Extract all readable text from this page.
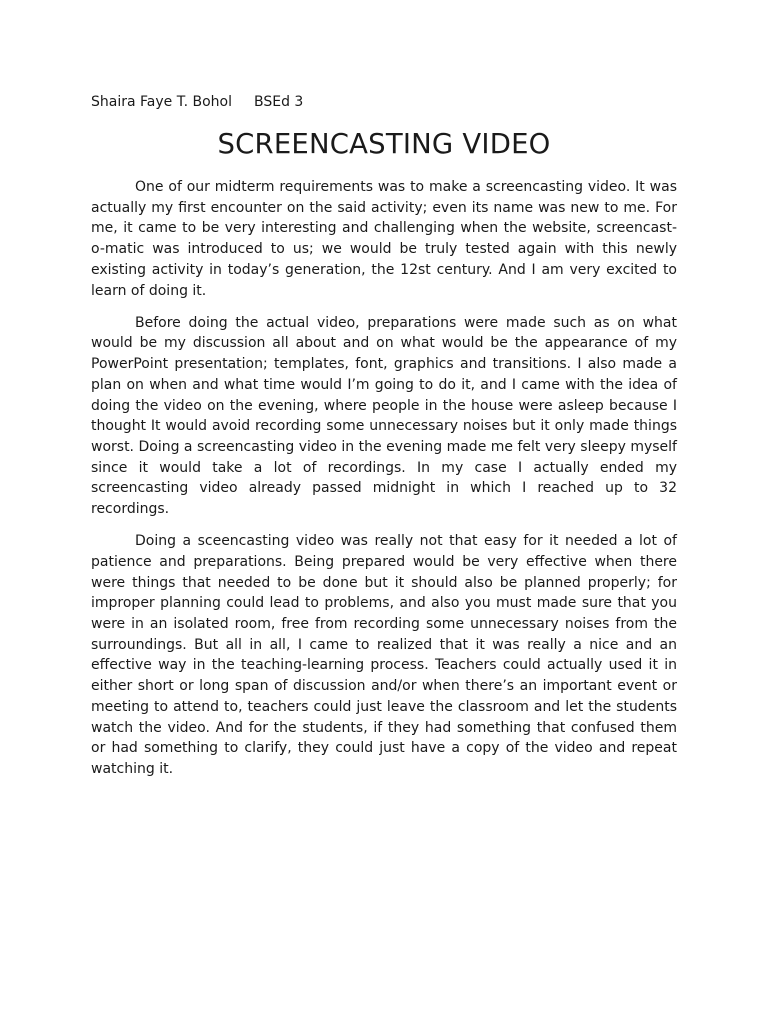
Shaira Faye T. Bohol BSEd 3
SCREENCASTING VIDEO

One of our midterm requirements was to make a screencasting video. It was actually my first encounter on the said activity; even its name was new to me. For me, it came to be very interesting and challenging when the website, screencast-o-matic was introduced to us; we would be truly tested again with this newly existing activity in today’s generation, the 12st century. And I am very excited to learn of doing it.

Before doing the actual video, preparations were made such as on what would be my discussion all about and on what would be the appearance of my PowerPoint presentation; templates, font, graphics and transitions. I also made a plan on when and what time would I’m going to do it, and I came with the idea of doing the video on the evening, where people in the house were asleep because I thought It would avoid recording some unnecessary noises but it only made things worst. Doing a screencasting video in the evening made me felt very sleepy myself since it would take a lot of recordings. In my case I actually ended my screencasting video already passed midnight in which I reached up to 32 recordings.

Doing a sceencasting video was really not that easy for it needed a lot of patience and preparations. Being prepared would be very effective when there were things that needed to be done but it should also be planned properly; for improper planning could lead to problems, and also you must made sure that you were in an isolated room, free from recording some unnecessary noises from the surroundings. But all in all, I came to realized that it was really a nice and an effective way in the teaching-learning process. Teachers could actually used it in either short or long span of discussion and/or when there’s an important event or meeting to attend to, teachers could just leave the classroom and let the students watch the video. And for the students, if they had something that confused them or had something to clarify, they could just have a copy of the video and repeat watching it.
